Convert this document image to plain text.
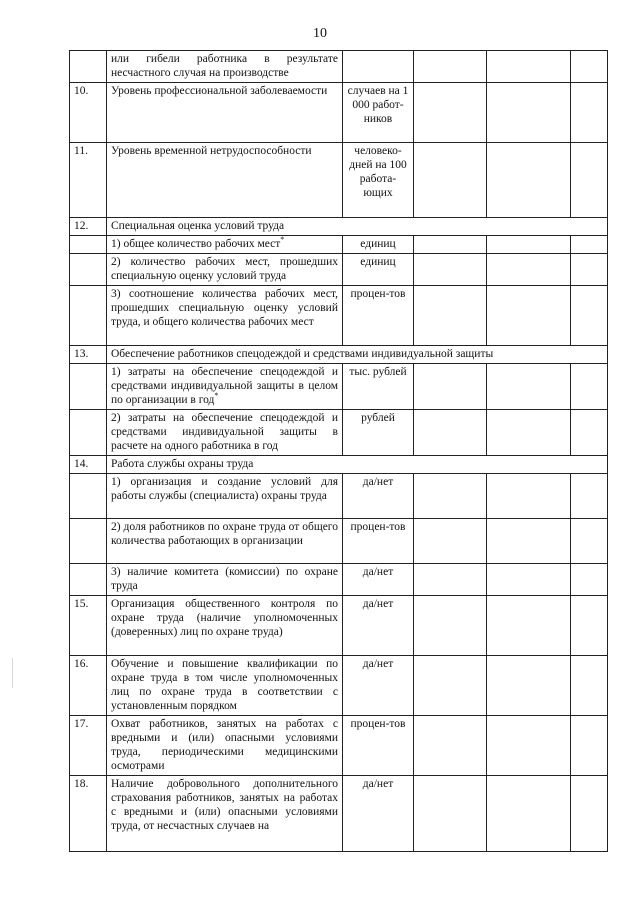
10
	или гибели работника в результате несчастного случая на производстве				
10.	Уровень профессиональной заболеваемости	случаев на 1 000 работ-ников			
11.	Уровень временной нетрудоспособности	человеко-дней на 100 работа-ющих			
12.	Специальная оценка условий труда				
	1) общее количество рабочих мест*	единиц			
	2) количество рабочих мест, прошедших специальную оценку условий труда	единиц			
	3) соотношение количества рабочих мест, прошедших специальную оценку условий труда, и общего количества рабочих мест	процен-тов			
13.	Обеспечение работников спецодеждой и средствами индивидуальной защиты				
	1) затраты на обеспечение спецодеждой и средствами индивидуальной защиты в целом по организации в год*	тыс. рублей			
	2) затраты на обеспечение спецодеждой и средствами индивидуальной защиты в расчете на одного работника в год	рублей			
14.	Работа службы охраны труда				
	1) организация и создание условий для работы службы (специалиста) охраны труда	да/нет			
	2) доля работников по охране труда от общего количества работающих в организации	процен-тов			
	3) наличие комитета (комиссии) по охране труда	да/нет			
15.	Организация общественного контроля по охране труда (наличие уполномоченных (доверенных) лиц по охране труда)	да/нет			
16.	Обучение и повышение квалификации по охране труда в том числе уполномоченных лиц по охране труда в соответствии с установленным порядком	да/нет			
17.	Охват работников, занятых на работах с вредными и (или) опасными условиями труда, периодическими медицинскими осмотрами	процен-тов			
18.	Наличие добровольного дополнительного страхования работников, занятых на работах с вредными и (или) опасными условиями труда, от несчастных случаев на	да/нет			
